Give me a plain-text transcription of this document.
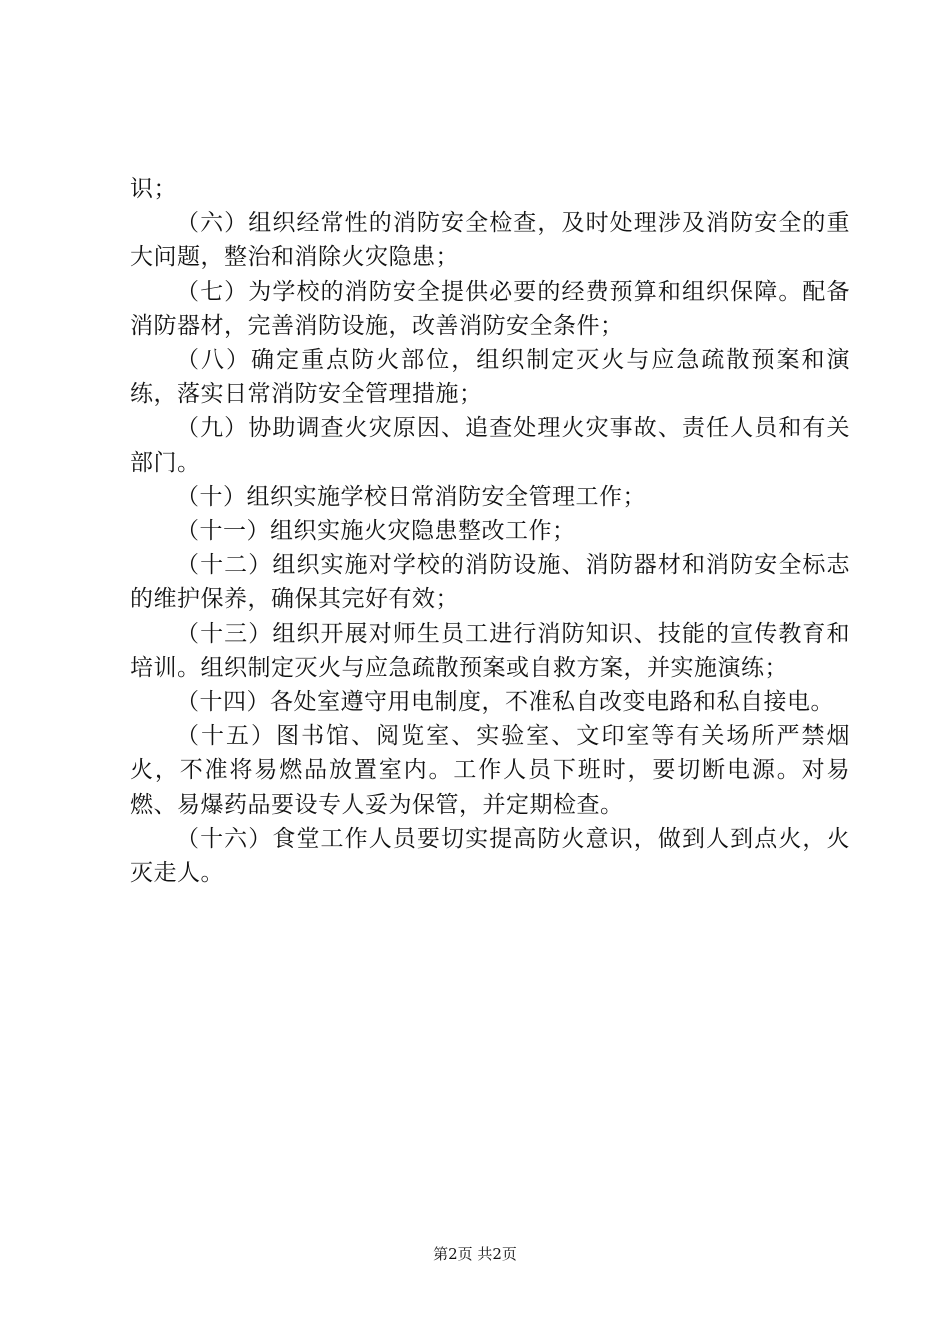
识；

（六）组织经常性的消防安全检查，及时处理涉及消防安全的重大问题，整治和消除火灾隐患；

（七）为学校的消防安全提供必要的经费预算和组织保障。配备消防器材，完善消防设施，改善消防安全条件；

（八）确定重点防火部位，组织制定灭火与应急疏散预案和演练，落实日常消防安全管理措施；

（九）协助调查火灾原因、追查处理火灾事故、责任人员和有关部门。

（十）组织实施学校日常消防安全管理工作；

（十一）组织实施火灾隐患整改工作；

（十二）组织实施对学校的消防设施、消防器材和消防安全标志的维护保养，确保其完好有效；

（十三）组织开展对师生员工进行消防知识、技能的宣传教育和培训。组织制定灭火与应急疏散预案或自救方案，并实施演练；

（十四）各处室遵守用电制度，不准私自改变电路和私自接电。

（十五）图书馆、阅览室、实验室、文印室等有关场所严禁烟火，不准将易燃品放置室内。工作人员下班时，要切断电源。对易燃、易爆药品要设专人妥为保管，并定期检查。

（十六）食堂工作人员要切实提高防火意识，做到人到点火，火灭走人。

第2页 共2页
